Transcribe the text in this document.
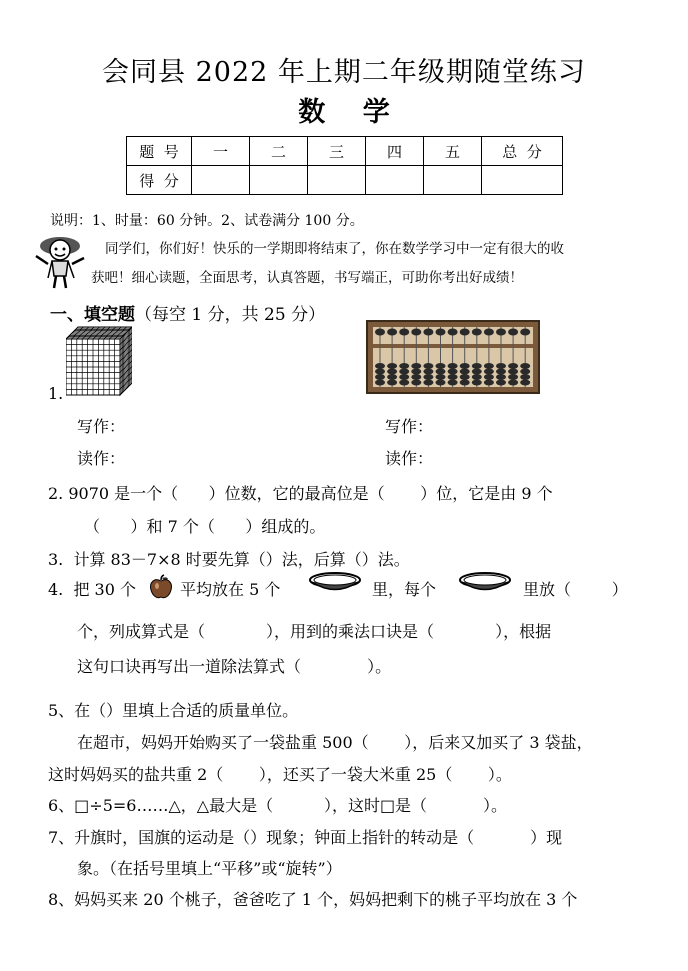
会同县 2022 年上期二年级期随堂练习
数    学
题  号	一	二	三	四	五	总  分
得  分						
说明：1、时量：60 分钟。2、试卷满分 100 分。
同学们，你们好！快乐的一学期即将结束了，你在数学学习中一定有很大的收
获吧！细心读题，全面思考，认真答题，书写端正，可助你考出好成绩！
一、填空题（每空 1 分，共 25 分）
1.
写作：
读作：
写作：
读作：
2. 9070 是一个（      ）位数，它的最高位是（       ）位，它是由 9 个
（      ）和 7 个（      ）组成的。
3.  计算 83－7×8 时要先算（）法，后算（）法。
4.  把 30 个	平均放在 5 个	里，每个	里放（        ）
个，列成算式是（            ），用到的乘法口诀是（            ），根据
这句口诀再写出一道除法算式（             ）。
5、在（）里填上合适的质量单位。
在超市，妈妈开始购买了一袋盐重 500（       ），后来又加买了 3 袋盐，
这时妈妈买的盐共重 2（       ），还买了一袋大米重 25（       ）。
6、□÷5=6……△，△最大是（          ），这时□是（           ）。
7、升旗时，国旗的运动是（）现象；钟面上指针的转动是（           ）现
象。（在括号里填上“平移”或“旋转”）
8、妈妈买来 20 个桃子，爸爸吃了 1 个，妈妈把剩下的桃子平均放在 3 个
